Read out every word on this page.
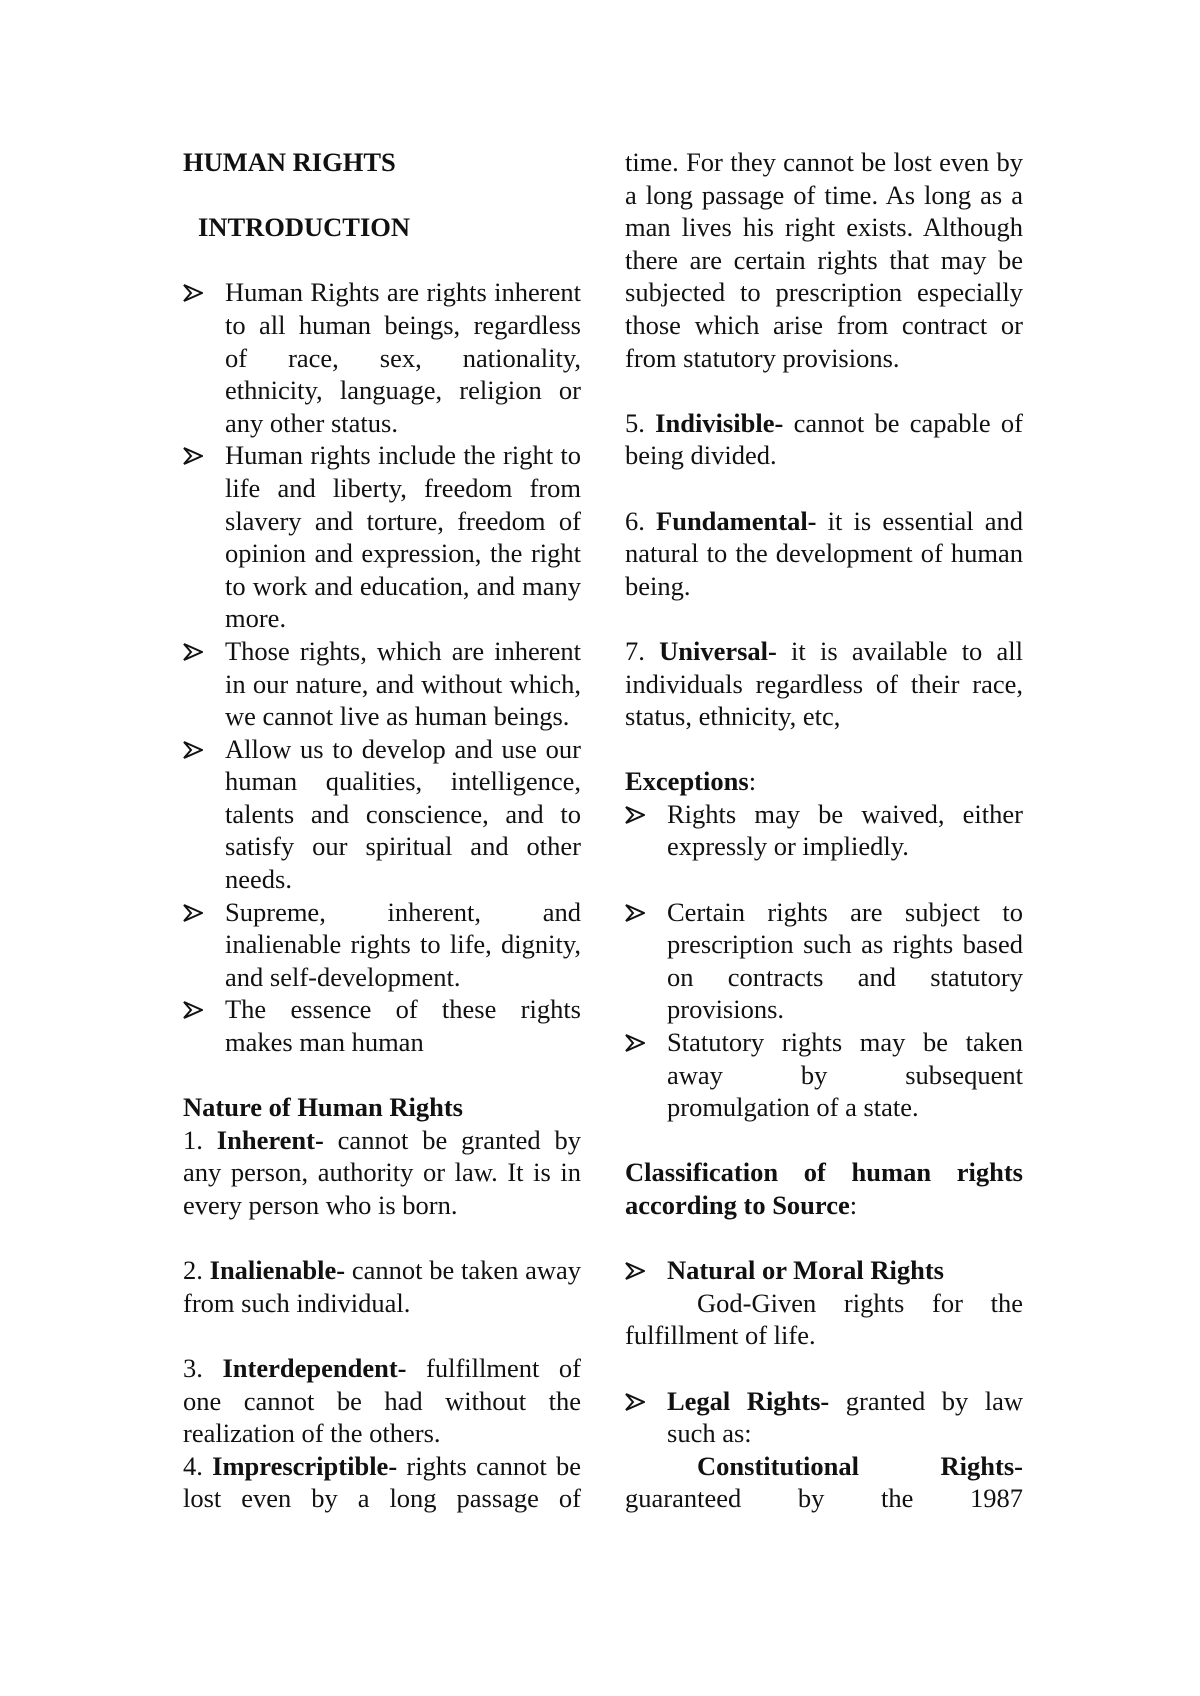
HUMAN RIGHTS

INTRODUCTION

Human Rights are rights inherent to all human beings, regardless of race, sex, nationality, ethnicity, language, religion or any other status.
Human rights include the right to life and liberty, freedom from slavery and torture, freedom of opinion and expression, the right to work and education, and many more.
Those rights, which are inherent in our nature, and without which, we cannot live as human beings.
Allow us to develop and use our human qualities, intelligence, talents and conscience, and to satisfy our spiritual and other needs.
Supreme, inherent, and inalienable rights to life, dignity, and self-development.
The essence of these rights makes man human

Nature of Human Rights

1. Inherent- cannot be granted by any person, authority or law. It is in every person who is born.

2. Inalienable- cannot be taken away from such individual.

3. Interdependent- fulfillment of one cannot be had without the realization of the others.

4. Imprescriptible- rights cannot be lost even by a long passage of

time. For they cannot be lost even by a long passage of time. As long as a man lives his right exists. Although there are certain rights that may be subjected to prescription especially those which arise from contract or from statutory provisions.

5. Indivisible- cannot be capable of being divided.

6. Fundamental- it is essential and natural to the development of human being.

7. Universal- it is available to all individuals regardless of their race, status, ethnicity, etc,

Exceptions:

Rights may be waived, either expressly or impliedly.
Certain rights are subject to prescription such as rights based on contracts and statutory provisions.
Statutory rights may be taken away by subsequent promulgation of a state.

Classification of human rights according to Source:

Natural or Moral Rights

God-Given rights for the fulfillment of life.

Legal Rights- granted by law such as:

Constitutional Rights- guaranteed by the 1987
